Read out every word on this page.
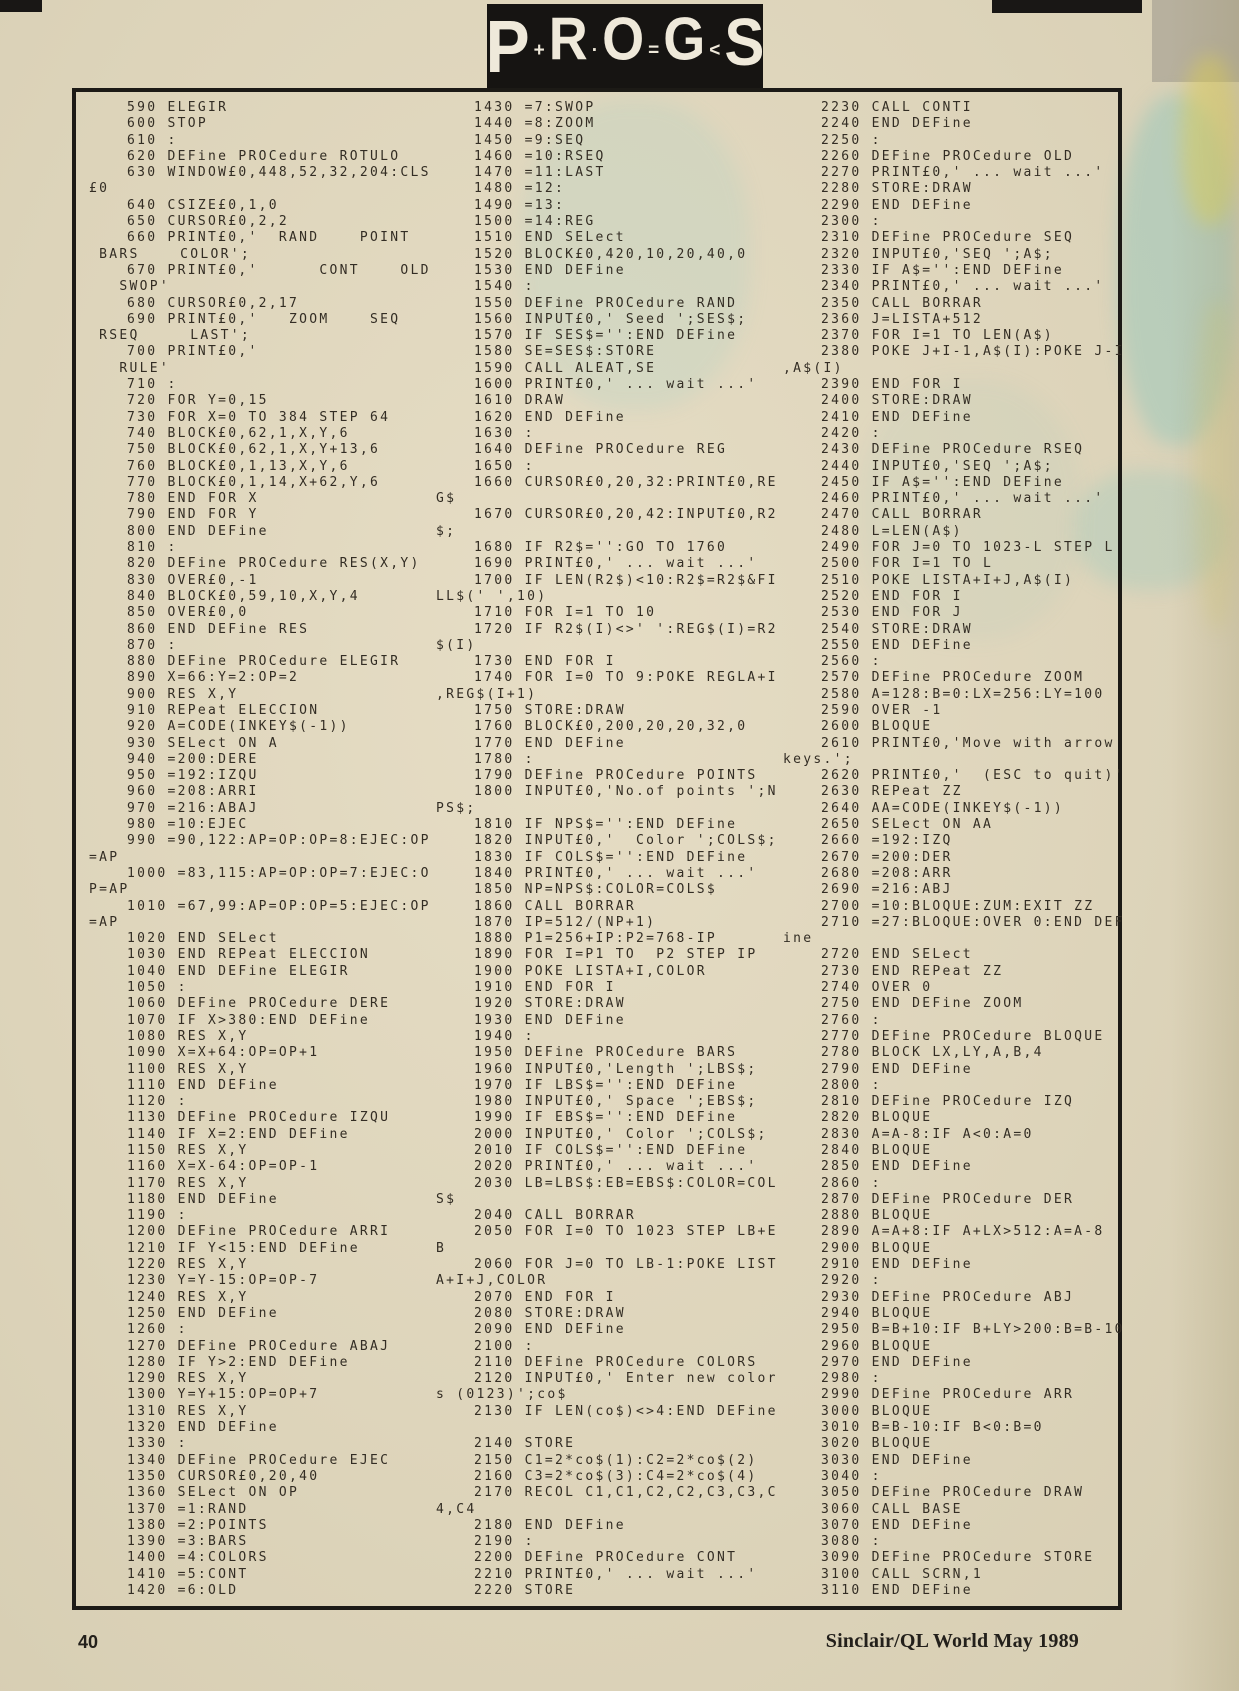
P + R · O = G < S
590 ELEGIR
600 STOP
610 :
620 DEFine PROCedure ROTULO
630 WINDOW£0,448,52,32,204:CLS
£0
640 CSIZE£0,1,0
650 CURSOR£0,2,2
660 PRINT£0,'  RAND    POINT
BARS    COLOR';
670 PRINT£0,'      CONT    OLD
SWOP'
680 CURSOR£0,2,17
690 PRINT£0,'   ZOOM    SEQ
RSEQ     LAST';
700 PRINT£0,'
RULE'
710 :
720 FOR Y=0,15
730 FOR X=0 TO 384 STEP 64
740 BLOCK£0,62,1,X,Y,6
750 BLOCK£0,62,1,X,Y+13,6
760 BLOCK£0,1,13,X,Y,6
770 BLOCK£0,1,14,X+62,Y,6
780 END FOR X
790 END FOR Y
800 END DEFine
810 :
820 DEFine PROCedure RES(X,Y)
830 OVER£0,-1
840 BLOCK£0,59,10,X,Y,4
850 OVER£0,0
860 END DEFine RES
870 :
880 DEFine PROCedure ELEGIR
890 X=66:Y=2:OP=2
900 RES X,Y
910 REPeat ELECCION
920 A=CODE(INKEY$(-1))
930 SELect ON A
940 =200:DERE
950 =192:IZQU
960 =208:ARRI
970 =216:ABAJ
980 =10:EJEC
990 =90,122:AP=OP:OP=8:EJEC:OP
=AP
1000 =83,115:AP=OP:OP=7:EJEC:O
P=AP
1010 =67,99:AP=OP:OP=5:EJEC:OP
=AP
1020 END SELect
1030 END REPeat ELECCION
1040 END DEFine ELEGIR
1050 :
1060 DEFine PROCedure DERE
1070 IF X>380:END DEFine
1080 RES X,Y
1090 X=X+64:OP=OP+1
1100 RES X,Y
1110 END DEFine
1120 :
1130 DEFine PROCedure IZQU
1140 IF X=2:END DEFine
1150 RES X,Y
1160 X=X-64:OP=OP-1
1170 RES X,Y
1180 END DEFine
1190 :
1200 DEFine PROCedure ARRI
1210 IF Y<15:END DEFine
1220 RES X,Y
1230 Y=Y-15:OP=OP-7
1240 RES X,Y
1250 END DEFine
1260 :
1270 DEFine PROCedure ABAJ
1280 IF Y>2:END DEFine
1290 RES X,Y
1300 Y=Y+15:OP=OP+7
1310 RES X,Y
1320 END DEFine
1330 :
1340 DEFine PROCedure EJEC
1350 CURSOR£0,20,40
1360 SELect ON OP
1370 =1:RAND
1380 =2:POINTS
1390 =3:BARS
1400 =4:COLORS
1410 =5:CONT
1420 =6:OLD
1430 =7:SWOP
1440 =8:ZOOM
1450 =9:SEQ
1460 =10:RSEQ
1470 =11:LAST
1480 =12:
1490 =13:
1500 =14:REG
1510 END SELect
1520 BLOCK£0,420,10,20,40,0
1530 END DEFine
1540 :
1550 DEFine PROCedure RAND
1560 INPUT£0,' Seed ';SES$;
1570 IF SES$='':END DEFine
1580 SE=SES$:STORE
1590 CALL ALEAT,SE
1600 PRINT£0,' ... wait ...'
1610 DRAW
1620 END DEFine
1630 :
1640 DEFine PROCedure REG
1650 :
1660 CURSOR£0,20,32:PRINT£0,RE
G$
1670 CURSOR£0,20,42:INPUT£0,R2
$;
1680 IF R2$='':GO TO 1760
1690 PRINT£0,' ... wait ...'
1700 IF LEN(R2$)<10:R2$=R2$&FI
LL$(' ',10)
1710 FOR I=1 TO 10
1720 IF R2$(I)<>' ':REG$(I)=R2
$(I)
1730 END FOR I
1740 FOR I=0 TO 9:POKE REGLA+I
,REG$(I+1)
1750 STORE:DRAW
1760 BLOCK£0,200,20,20,32,0
1770 END DEFine
1780 :
1790 DEFine PROCedure POINTS
1800 INPUT£0,'No.of points ';N
PS$;
1810 IF NPS$='':END DEFine
1820 INPUT£0,'  Color ';COLS$;
1830 IF COLS$='':END DEFine
1840 PRINT£0,' ... wait ...'
1850 NP=NPS$:COLOR=COLS$
1860 CALL BORRAR
1870 IP=512/(NP+1)
1880 P1=256+IP:P2=768-IP
1890 FOR I=P1 TO  P2 STEP IP
1900 POKE LISTA+I,COLOR
1910 END FOR I
1920 STORE:DRAW
1930 END DEFine
1940 :
1950 DEFine PROCedure BARS
1960 INPUT£0,'Length ';LBS$;
1970 IF LBS$='':END DEFine
1980 INPUT£0,' Space ';EBS$;
1990 IF EBS$='':END DEFine
2000 INPUT£0,' Color ';COLS$;
2010 IF COLS$='':END DEFine
2020 PRINT£0,' ... wait ...'
2030 LB=LBS$:EB=EBS$:COLOR=COL
S$
2040 CALL BORRAR
2050 FOR I=0 TO 1023 STEP LB+E
B
2060 FOR J=0 TO LB-1:POKE LIST
A+I+J,COLOR
2070 END FOR I
2080 STORE:DRAW
2090 END DEFine
2100 :
2110 DEFine PROCedure COLORS
2120 INPUT£0,' Enter new color
s (0123)';co$
2130 IF LEN(co$)<>4:END DEFine

2140 STORE
2150 C1=2*co$(1):C2=2*co$(2)
2160 C3=2*co$(3):C4=2*co$(4)
2170 RECOL C1,C1,C2,C2,C3,C3,C
4,C4
2180 END DEFine
2190 :
2200 DEFine PROCedure CONT
2210 PRINT£0,' ... wait ...'
2220 STORE
2230 CALL CONTI
2240 END DEFine
2250 :
2260 DEFine PROCedure OLD
2270 PRINT£0,' ... wait ...'
2280 STORE:DRAW
2290 END DEFine
2300 :
2310 DEFine PROCedure SEQ
2320 INPUT£0,'SEQ ';A$;
2330 IF A$='':END DEFine
2340 PRINT£0,' ... wait ...'
2350 CALL BORRAR
2360 J=LISTA+512
2370 FOR I=1 TO LEN(A$)
2380 POKE J+I-1,A$(I):POKE J-I
,A$(I)
2390 END FOR I
2400 STORE:DRAW
2410 END DEFine
2420 :
2430 DEFine PROCedure RSEQ
2440 INPUT£0,'SEQ ';A$;
2450 IF A$='':END DEFine
2460 PRINT£0,' ... wait ...'
2470 CALL BORRAR
2480 L=LEN(A$)
2490 FOR J=0 TO 1023-L STEP L
2500 FOR I=1 TO L
2510 POKE LISTA+I+J,A$(I)
2520 END FOR I
2530 END FOR J
2540 STORE:DRAW
2550 END DEFine
2560 :
2570 DEFine PROCedure ZOOM
2580 A=128:B=0:LX=256:LY=100
2590 OVER -1
2600 BLOQUE
2610 PRINT£0,'Move with arrow
keys.';
2620 PRINT£0,'  (ESC to quit)'
2630 REPeat ZZ
2640 AA=CODE(INKEY$(-1))
2650 SELect ON AA
2660 =192:IZQ
2670 =200:DER
2680 =208:ARR
2690 =216:ABJ
2700 =10:BLOQUE:ZUM:EXIT ZZ
2710 =27:BLOQUE:OVER 0:END DEF
ine
2720 END SELect
2730 END REPeat ZZ
2740 OVER 0
2750 END DEFine ZOOM
2760 :
2770 DEFine PROCedure BLOQUE
2780 BLOCK LX,LY,A,B,4
2790 END DEFine
2800 :
2810 DEFine PROCedure IZQ
2820 BLOQUE
2830 A=A-8:IF A<0:A=0
2840 BLOQUE
2850 END DEFine
2860 :
2870 DEFine PROCedure DER
2880 BLOQUE
2890 A=A+8:IF A+LX>512:A=A-8
2900 BLOQUE
2910 END DEFine
2920 :
2930 DEFine PROCedure ABJ
2940 BLOQUE
2950 B=B+10:IF B+LY>200:B=B-10
2960 BLOQUE
2970 END DEFine
2980 :
2990 DEFine PROCedure ARR
3000 BLOQUE
3010 B=B-10:IF B<0:B=0
3020 BLOQUE
3030 END DEFine
3040 :
3050 DEFine PROCedure DRAW
3060 CALL BASE
3070 END DEFine
3080 :
3090 DEFine PROCedure STORE
3100 CALL SCRN,1
3110 END DEFine
40	Sinclair/QL World May 1989
